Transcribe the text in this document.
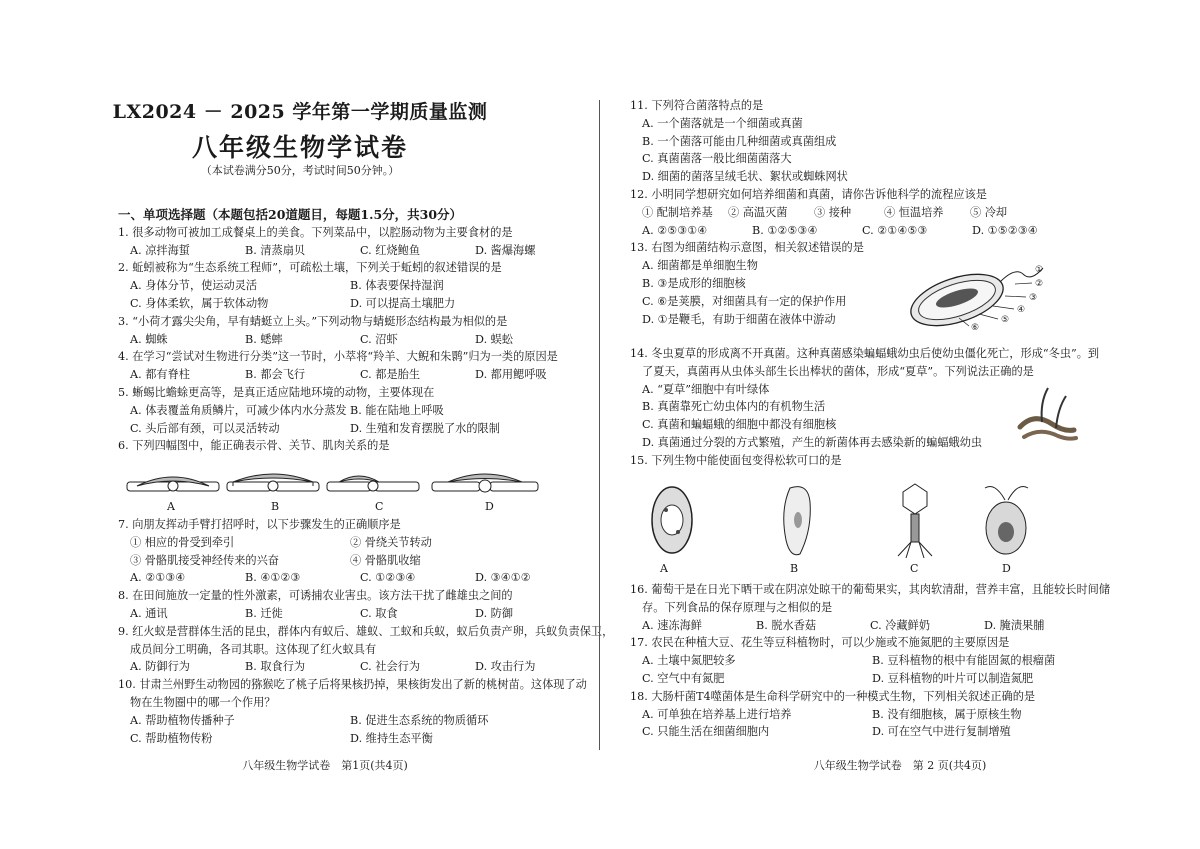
LX2024 － 2025 学年第一学期质量监测
八年级生物学试卷
（本试卷满分50分，考试时间50分钟。）
一、单项选择题（本题包括20道题目，每题1.5分，共30分）
1. 很多动物可被加工成餐桌上的美食。下列菜品中，以腔肠动物为主要食材的是
A. 凉拌海蜇	B. 清蒸扇贝	C. 红烧鲍鱼	D. 酱爆海螺
2. 蚯蚓被称为“生态系统工程师”，可疏松土壤，下列关于蚯蚓的叙述错误的是
A. 身体分节，使运动灵活	B. 体表要保持湿润
C. 身体柔软，属于软体动物	D. 可以提高土壤肥力
3. “小荷才露尖尖角，早有蜻蜓立上头。”下列动物与蜻蜓形态结构最为相似的是
A. 蜘蛛	B. 蟋蟀	C. 沼虾	D. 蜈蚣
4. 在学习“尝试对生物进行分类”这一节时，小萃将“羚羊、大鲵和朱鹮”归为一类的原因是
A. 都有脊柱	B. 都会飞行	C. 都是胎生	D. 都用鳃呼吸
5. 蜥蜴比蟾蜍更高等，是真正适应陆地环境的动物，主要体现在
A. 体表覆盖角质鳞片，可减少体内水分蒸发 B. 能在陆地上呼吸
C. 头后部有颈，可以灵活转动	D. 生殖和发育摆脱了水的限制
6. 下列四幅图中，能正确表示骨、关节、肌肉关系的是
A	B	C	D
7. 向朋友挥动手臂打招呼时，以下步骤发生的正确顺序是
① 相应的骨受到牵引	② 骨绕关节转动
③ 骨骼肌接受神经传来的兴奋	④ 骨骼肌收缩
A. ②①③④	B. ④①②③	C. ①②③④	D. ③④①②
8. 在田间施放一定量的性外激素，可诱捕农业害虫。该方法干扰了雌雄虫之间的
A. 通讯	B. 迁徙	C. 取食	D. 防御
9. 红火蚁是营群体生活的昆虫，群体内有蚁后、雄蚁、工蚁和兵蚁，蚁后负责产卵，兵蚁负责保卫，
成员间分工明确，各司其职。这体现了红火蚁具有
A. 防御行为	B. 取食行为	C. 社会行为	D. 攻击行为
10. 甘肃兰州野生动物园的猕猴吃了桃子后将果核扔掉，果核街发出了新的桃树苗。这体现了动
物在生物圈中的哪一个作用？
A. 帮助植物传播种子	B. 促进生态系统的物质循环
C. 帮助植物传粉	D. 维持生态平衡
八年级生物学试卷　第1页(共4页)
11. 下列符合菌落特点的是
A. 一个菌落就是一个细菌或真菌
B. 一个菌落可能由几种细菌或真菌组成
C. 真菌菌落一般比细菌菌落大
D. 细菌的菌落呈绒毛状、絮状或蜘蛛网状
12. 小明同学想研究如何培养细菌和真菌，请你告诉他科学的流程应该是
① 配制培养基	② 高温灭菌	③ 接种	④ 恒温培养	⑤ 冷却
A. ②⑤③①④	B. ①②⑤③④	C. ②①④⑤③	D. ①⑤②③④
13. 右图为细菌结构示意图，相关叙述错误的是
A. 细菌都是单细胞生物
B. ③是成形的细胞核
C. ⑥是荚膜，对细菌具有一定的保护作用
D. ①是鞭毛，有助于细菌在液体中游动
①
②
③
④
⑤
⑥
14. 冬虫夏草的形成离不开真菌。这种真菌感染蝙蝠蛾幼虫后使幼虫僵化死亡，形成“冬虫”。到
了夏天，真菌再从虫体头部生长出棒状的菌体，形成“夏草”。下列说法正确的是
A. “夏草”细胞中有叶绿体
B. 真菌靠死亡幼虫体内的有机物生活
C. 真菌和蝙蝠蛾的细胞中都没有细胞核
D. 真菌通过分裂的方式繁殖，产生的新菌体再去感染新的蝙蝠蛾幼虫
15. 下列生物中能使面包变得松软可口的是
A	B	C	D
16. 葡萄干是在日光下晒干或在阴凉处晾干的葡萄果实，其肉软清甜，营养丰富，且能较长时间储
存。下列食品的保存原理与之相似的是
A. 速冻海鲜	B. 脱水香菇	C. 冷藏鲜奶	D. 腌渍果脯
17. 农民在种植大豆、花生等豆科植物时，可以少施或不施氮肥的主要原因是
A. 土壤中氮肥较多	B. 豆科植物的根中有能固氮的根瘤菌
C. 空气中有氮肥	D. 豆科植物的叶片可以制造氮肥
18. 大肠杆菌T4噬菌体是生命科学研究中的一种模式生物，下列相关叙述正确的是
A. 可单独在培养基上进行培养	B. 没有细胞核，属于原核生物
C. 只能生活在细菌细胞内	D. 可在空气中进行复制增殖
八年级生物学试卷　第 2 页(共4页)
